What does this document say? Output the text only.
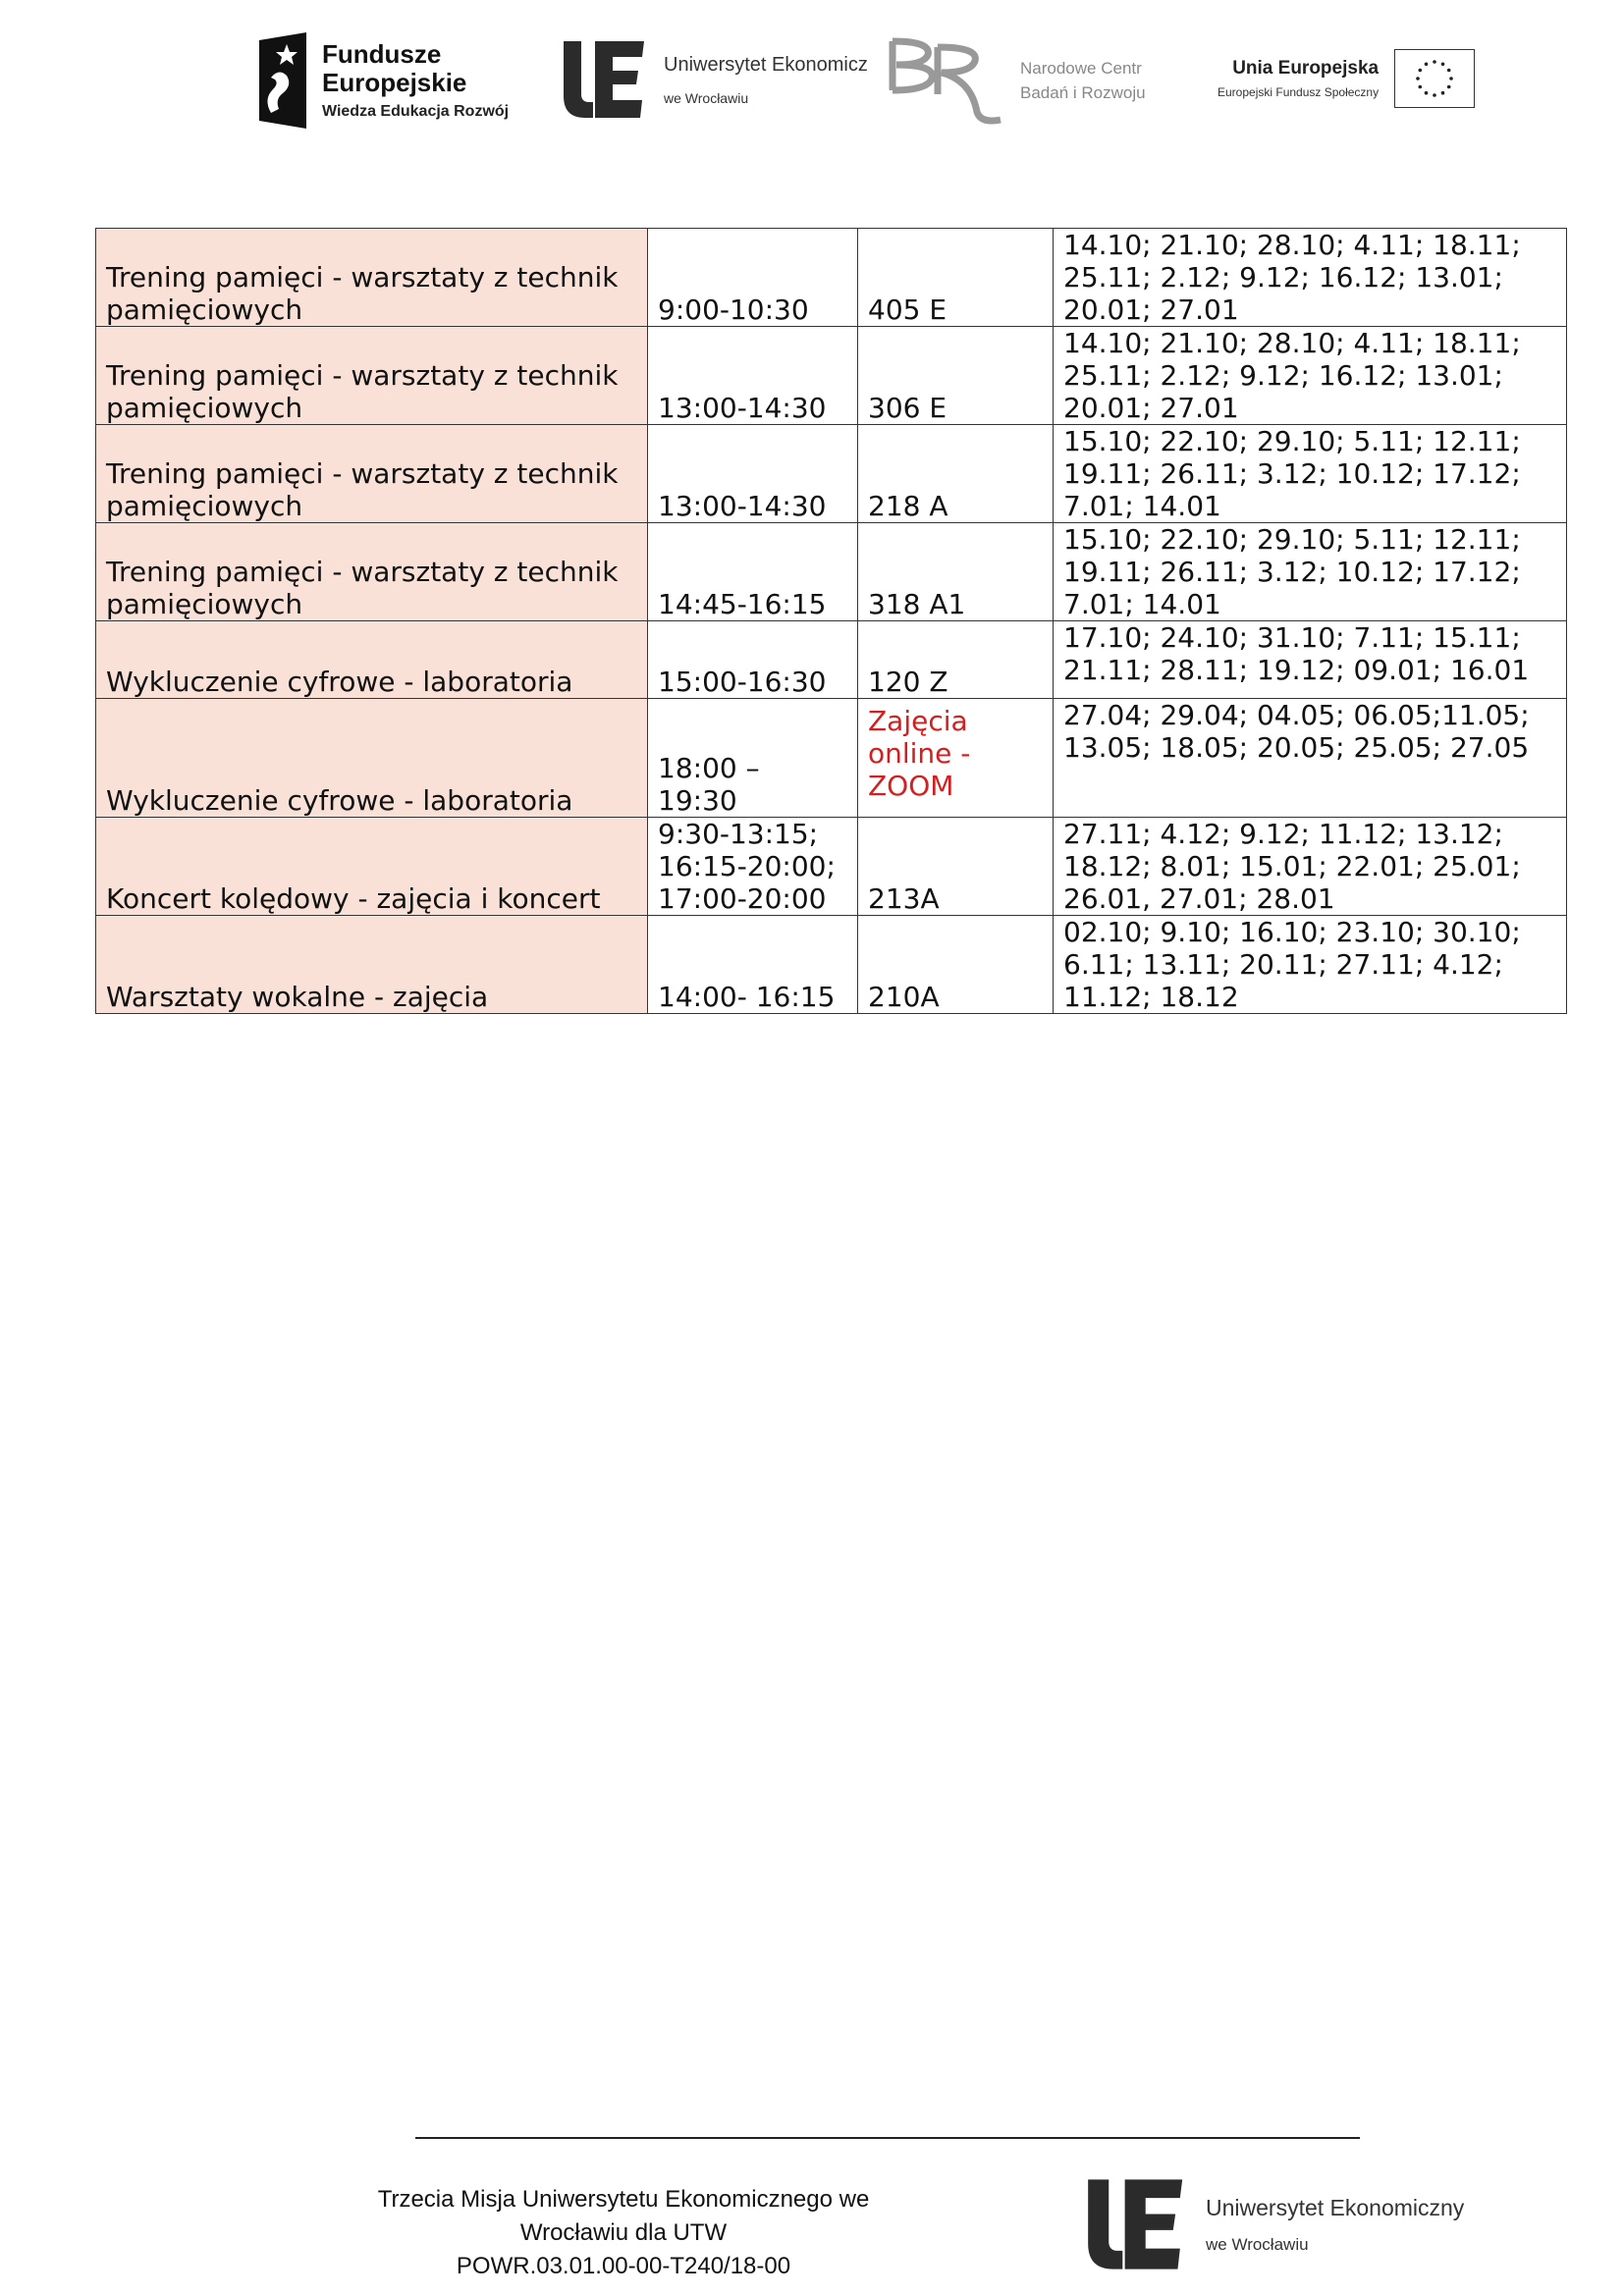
Fundusze
Europejskie
Wiedza Edukacja Rozwój
Uniwersytet Ekonomicz
we Wrocławiu
Narodowe Centr
Badań i Rozwoju
Unia Europejska
Europejski Fundusz Społeczny
Trening pamięci - warsztaty z technik
pamięciowych	9:00-10:30	405 E	14.10; 21.10; 28.10; 4.11; 18.11;
25.11; 2.12; 9.12; 16.12; 13.01;
20.01; 27.01

Trening pamięci - warsztaty z technik
pamięciowych	13:00-14:30	306 E	14.10; 21.10; 28.10; 4.11; 18.11;
25.11; 2.12; 9.12; 16.12; 13.01;
20.01; 27.01

Trening pamięci - warsztaty z technik
pamięciowych	13:00-14:30	218 A	15.10; 22.10; 29.10; 5.11; 12.11;
19.11; 26.11; 3.12; 10.12; 17.12;
7.01; 14.01

Trening pamięci - warsztaty z technik
pamięciowych	14:45-16:15	318 A1	15.10; 22.10; 29.10; 5.11; 12.11;
19.11; 26.11; 3.12; 10.12; 17.12;
7.01; 14.01

Wykluczenie cyfrowe - laboratoria	15:00-16:30	120 Z	17.10; 24.10; 31.10; 7.11; 15.11;
21.11; 28.11; 19.12; 09.01; 16.01

Wykluczenie cyfrowe - laboratoria	18:00 – 19:30	Zajęcia
online -
ZOOM	27.04; 29.04; 04.05; 06.05;11.05;
13.05; 18.05; 20.05; 25.05; 27.05

Koncert kolędowy - zajęcia i koncert	9:30-13:15;
16:15-20:00;
17:00-20:00	213A	27.11; 4.12; 9.12; 11.12; 13.12;
18.12; 8.01; 15.01; 22.01; 25.01;
26.01, 27.01; 28.01

Warsztaty wokalne - zajęcia	14:00- 16:15	210A	02.10; 9.10; 16.10; 23.10; 30.10;
6.11; 13.11; 20.11; 27.11; 4.12;
11.12; 18.12
Trzecia Misja Uniwersytetu Ekonomicznego we
Wrocławiu dla UTW
POWR.03.01.00-00-T240/18-00
Uniwersytet Ekonomiczny
we Wrocławiu
